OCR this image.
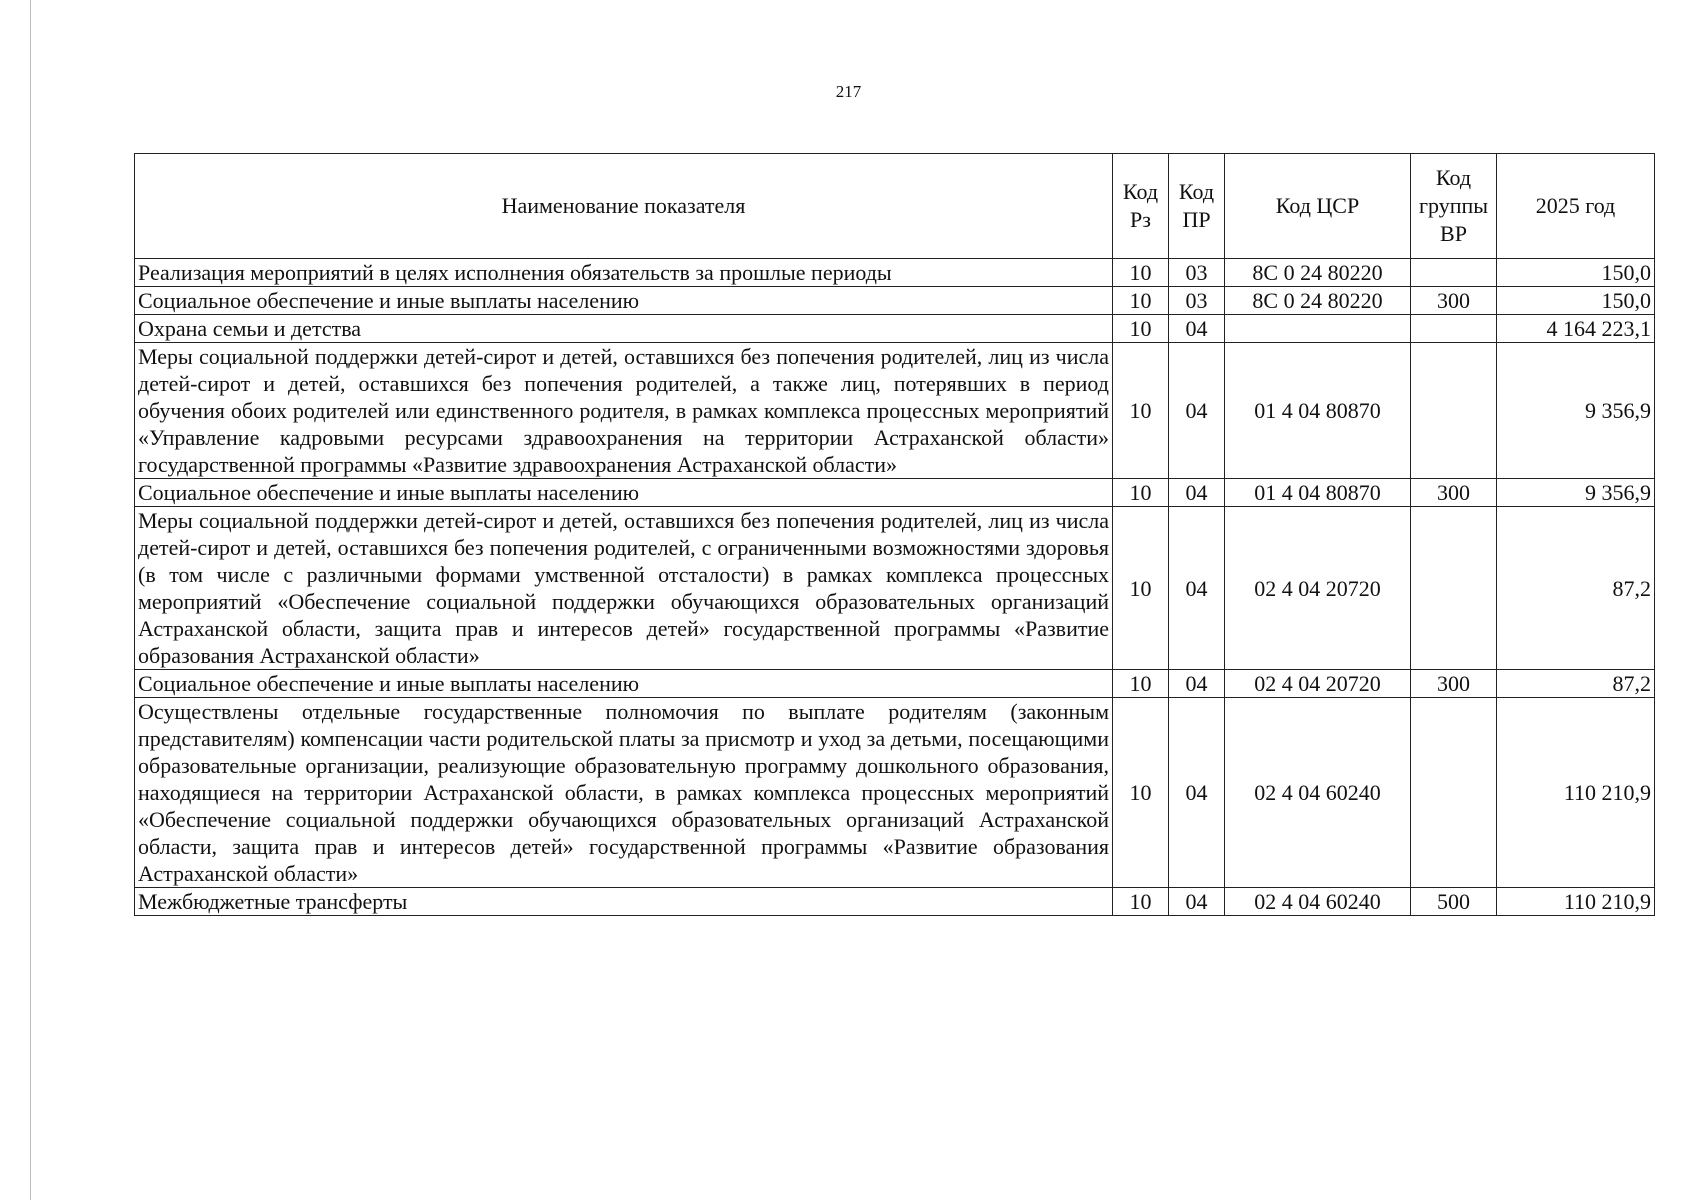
217
Наименование показателя	Код Рз	Код ПР	Код ЦСР	Код группы ВР	2025 год
Реализация мероприятий в целях исполнения обязательств за прошлые периоды	10	03	8С 0 24 80220		150,0
Социальное обеспечение и иные выплаты населению	10	03	8С 0 24 80220	300	150,0
Охрана семьи и детства	10	04			4 164 223,1
Меры социальной поддержки детей-сирот и детей, оставшихся без попечения родителей, лиц из числа детей-сирот и детей, оставшихся без попечения родителей, а также лиц, потерявших в период обучения обоих родителей или единственного родителя, в рамках комплекса процессных мероприятий «Управление кадровыми ресурсами здравоохранения на территории Астраханской области» государственной программы «Развитие здравоохранения Астраханской области»	10	04	01 4 04 80870		9 356,9
Социальное обеспечение и иные выплаты населению	10	04	01 4 04 80870	300	9 356,9
Меры социальной поддержки детей-сирот и детей, оставшихся без попечения родителей, лиц из числа детей-сирот и детей, оставшихся без попечения родителей, с ограниченными возможностями здоровья (в том числе с различными формами умственной отсталости) в рамках комплекса процессных мероприятий «Обеспечение социальной поддержки обучающихся образовательных организаций Астраханской области, защита прав и интересов детей» государственной программы «Развитие образования Астраханской области»	10	04	02 4 04 20720		87,2
Социальное обеспечение и иные выплаты населению	10	04	02 4 04 20720	300	87,2
Осуществлены отдельные государственные полномочия по выплате родителям (законным представителям) компенсации части родительской платы за присмотр и уход за детьми, посещающими образовательные организации, реализующие образовательную программу дошкольного образования, находящиеся на территории Астраханской области, в рамках комплекса процессных мероприятий «Обеспечение социальной поддержки обучающихся образовательных организаций Астраханской области, защита прав и интересов детей» государственной программы «Развитие образования Астраханской области»	10	04	02 4 04 60240		110 210,9
Межбюджетные трансферты	10	04	02 4 04 60240	500	110 210,9
